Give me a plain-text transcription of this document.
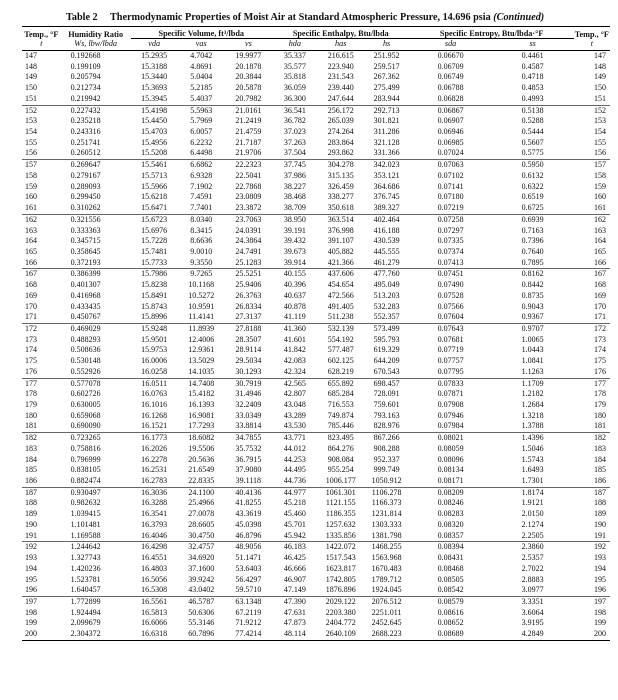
Table 2 Thermodynamic Properties of Moist Air at Standard Atmospheric Pressure, 14.696 psia (Continued)
Temp., °F	Humidity Ratio	Specific Volume, ft³/lbda			Specific Enthalpy, Btu/lbda			Specific Entropy, Btu/lbda·°F		Temp., °F
t	Ws, lbw/lbda	vda	vas	vs	hda	has	hs	sda	ss	t
147	0.192668	15.2935	4.7042	19.9977	35.337	216.615	251.952	0.06670	0.4461	147
148	0.199109	15.3188	4.8691	20.1878	35.577	223.940	259.517	0.06709	0.4587	148
149	0.205794	15.3440	5.0404	20.3844	35.818	231.543	267.362	0.06749	0.4718	149
150	0.212734	15.3693	5.2185	20.5878	36.059	239.440	275.499	0.06788	0.4853	150
151	0.219942	15.3945	5.4037	20.7982	36.300	247.644	283.944	0.06828	0.4993	151
152	0.227432	15.4198	5.5963	21.0161	36.541	256.172	292.713	0.06867	0.5138	152
153	0.235218	15.4450	5.7969	21.2419	36.782	265.039	301.821	0.06907	0.5288	153
154	0.243316	15.4703	6.0057	21.4759	37.023	274.264	311.286	0.06946	0.5444	154
155	0.251741	15.4956	6.2232	21.7187	37.263	283.864	321.128	0.06985	0.5607	155
156	0.260512	15.5208	6.4498	21.9706	37.504	293.862	331.366	0.07024	0.5775	156
157	0.269647	15.5461	6.6862	22.2323	37.745	304.278	342.023	0.07063	0.5950	157
158	0.279167	15.5713	6.9328	22.5041	37.986	315.135	353.121	0.07102	0.6132	158
159	0.289093	15.5966	7.1902	22.7868	38.227	326.459	364.686	0.07141	0.6322	159
160	0.299450	15.6218	7.4591	23.0809	38.468	338.277	376.745	0.07180	0.6519	160
161	0.310262	15.6471	7.7401	23.3872	38.709	350.618	389.327	0.07219	0.6725	161
162	0.321556	15.6723	8.0340	23.7063	38.950	363.514	402.464	0.07258	0.6939	162
163	0.333363	15.6976	8.3415	24.0391	39.191	376.998	416.188	0.07297	0.7163	163
164	0.345715	15.7228	8.6636	24.3864	39.432	391.107	430.539	0.07335	0.7396	164
165	0.358645	15.7481	9.0010	24.7491	39.673	405.882	445.555	0.07374	0.7640	165
166	0.372193	15.7733	9.3550	25.1283	39.914	421.366	461.279	0.07413	0.7895	166
167	0.386399	15.7986	9.7265	25.5251	40.155	437.606	477.760	0.07451	0.8162	167
168	0.401307	15.8238	10.1168	25.9406	40.396	454.654	495.049	0.07490	0.8442	168
169	0.416968	15.8491	10.5272	26.3763	40.637	472.566	513.203	0.07528	0.8735	169
170	0.433435	15.8743	10.9591	26.8334	40.878	491.405	532.283	0.07566	0.9043	170
171	0.450767	15.8996	11.4141	27.3137	41.119	511.238	552.357	0.07604	0.9367	171
172	0.469029	15.9248	11.8939	27.8188	41.360	532.139	573.499	0.07643	0.9707	172
173	0.488293	15.9501	12.4006	28.3507	41.601	554.192	595.793	0.07681	1.0065	173
174	0.508636	15.9753	12.9361	28.9114	41.842	577.487	619.329	0.07719	1.0443	174
175	0.530148	16.0006	13.5029	29.5034	42.083	602.125	644.209	0.07757	1.0841	175
176	0.552926	16.0258	14.1035	30.1293	42.324	628.219	670.543	0.07795	1.1263	176
177	0.577078	16.0511	14.7408	30.7919	42.565	655.892	698.457	0.07833	1.1709	177
178	0.602726	16.0763	15.4182	31.4946	42.807	685.284	728.091	0.07871	1.2182	178
179	0.630005	16.1016	16.1393	32.2409	43.048	716.553	759.601	0.07908	1.2684	179
180	0.659068	16.1268	16.9081	33.0349	43.289	749.874	793.163	0.07946	1.3218	180
181	0.690090	16.1521	17.7293	33.8814	43.530	785.446	828.976	0.07984	1.3788	181
182	0.723265	16.1773	18.6082	34.7855	43.771	823.495	867.266	0.08021	1.4396	182
183	0.758816	16.2026	19.5506	35.7532	44.012	864.276	908.288	0.08059	1.5046	183
184	0.796999	16.2278	20.5636	36.7915	44.253	908.084	952.337	0.08096	1.5743	184
185	0.838105	16.2531	21.6549	37.9080	44.495	955.254	999.749	0.08134	1.6493	185
186	0.882474	16.2783	22.8335	39.1118	44.736	1006.177	1050.912	0.08171	1.7301	186
187	0.930497	16.3036	24.1100	40.4136	44.977	1061.301	1106.278	0.08209	1.8174	187
188	0.982632	16.3288	25.4966	41.8255	45.218	1121.155	1166.373	0.08246	1.9121	188
189	1.039415	16.3541	27.0078	43.3619	45.460	1186.355	1231.814	0.08283	2.0150	189
190	1.101481	16.3793	28.6605	45.0398	45.701	1257.632	1303.333	0.08320	2.1274	190
191	1.169588	16.4046	30.4750	46.8796	45.942	1335.856	1381.798	0.08357	2.2505	191
192	1.244642	16.4298	32.4757	48.9056	46.183	1422.072	1468.255	0.08394	2.3860	192
193	1.327743	16.4551	34.6920	51.1471	46.425	1517.543	1563.968	0.08431	2.5357	193
194	1.420236	16.4803	37.1600	53.6403	46.666	1623.817	1670.483	0.08468	2.7022	194
195	1.523781	16.5056	39.9242	56.4297	46.907	1742.805	1789.712	0.08505	2.8883	195
196	1.640457	16.5308	43.0402	59.5710	47.149	1876.896	1924.045	0.08542	3.0977	196
197	1.772899	16.5561	46.5787	63.1348	47.390	2029.122	2076.512	0.08579	3.3351	197
198	1.924494	16.5813	50.6306	67.2119	47.631	2203.380	2251.011	0.08616	3.6064	198
199	2.099679	16.6066	55.3146	71.9212	47.873	2404.772	2452.645	0.08652	3.9195	199
200	2.304372	16.6318	60.7896	77.4214	48.114	2640.109	2688.223	0.08689	4.2849	200
